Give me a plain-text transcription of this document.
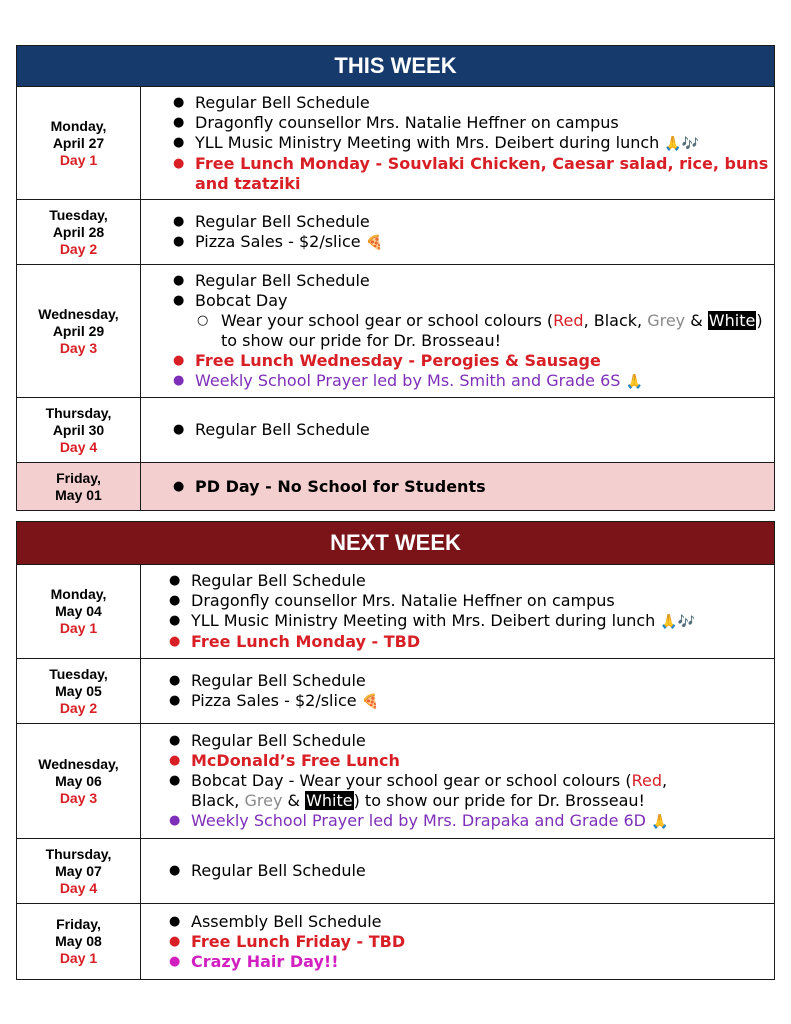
THIS WEEK
Monday,
April 27
Day 1
● Regular Bell Schedule
● Dragonfly counsellor Mrs. Natalie Heffner on campus
● YLL Music Ministry Meeting with Mrs. Deibert during lunch 🙏🎶
● Free Lunch Monday - Souvlaki Chicken, Caesar salad, rice, buns and tzatziki
Tuesday,
April 28
Day 2
● Regular Bell Schedule
● Pizza Sales - $2/slice 🍕
Wednesday,
April 29
Day 3
● Regular Bell Schedule
● Bobcat Day
○ Wear your school gear or school colours (Red, Black, Grey & White) to show our pride for Dr. Brosseau!
● Free Lunch Wednesday - Perogies & Sausage
● Weekly School Prayer led by Ms. Smith and Grade 6S 🙏
Thursday,
April 30
Day 4
● Regular Bell Schedule
Friday,
May 01
●	PD Day - No School for Students
NEXT WEEK
Monday,
May 04
Day 1
● Regular Bell Schedule
● Dragonfly counsellor Mrs. Natalie Heffner on campus
● YLL Music Ministry Meeting with Mrs. Deibert during lunch 🙏🎶
● Free Lunch Monday - TBD
Tuesday,
May 05
Day 2
● Regular Bell Schedule
● Pizza Sales - $2/slice 🍕
Wednesday,
May 06
Day 3
● Regular Bell Schedule
● McDonald’s Free Lunch
● Bobcat Day - Wear your school gear or school colours (Red,
Black, Grey & White) to show our pride for Dr. Brosseau!
● Weekly School Prayer led by Mrs. Drapaka and Grade 6D 🙏
Thursday,
May 07
Day 4
● Regular Bell Schedule
Friday,
May 08
Day 1
● Assembly Bell Schedule
● Free Lunch Friday - TBD
● Crazy Hair Day!!
